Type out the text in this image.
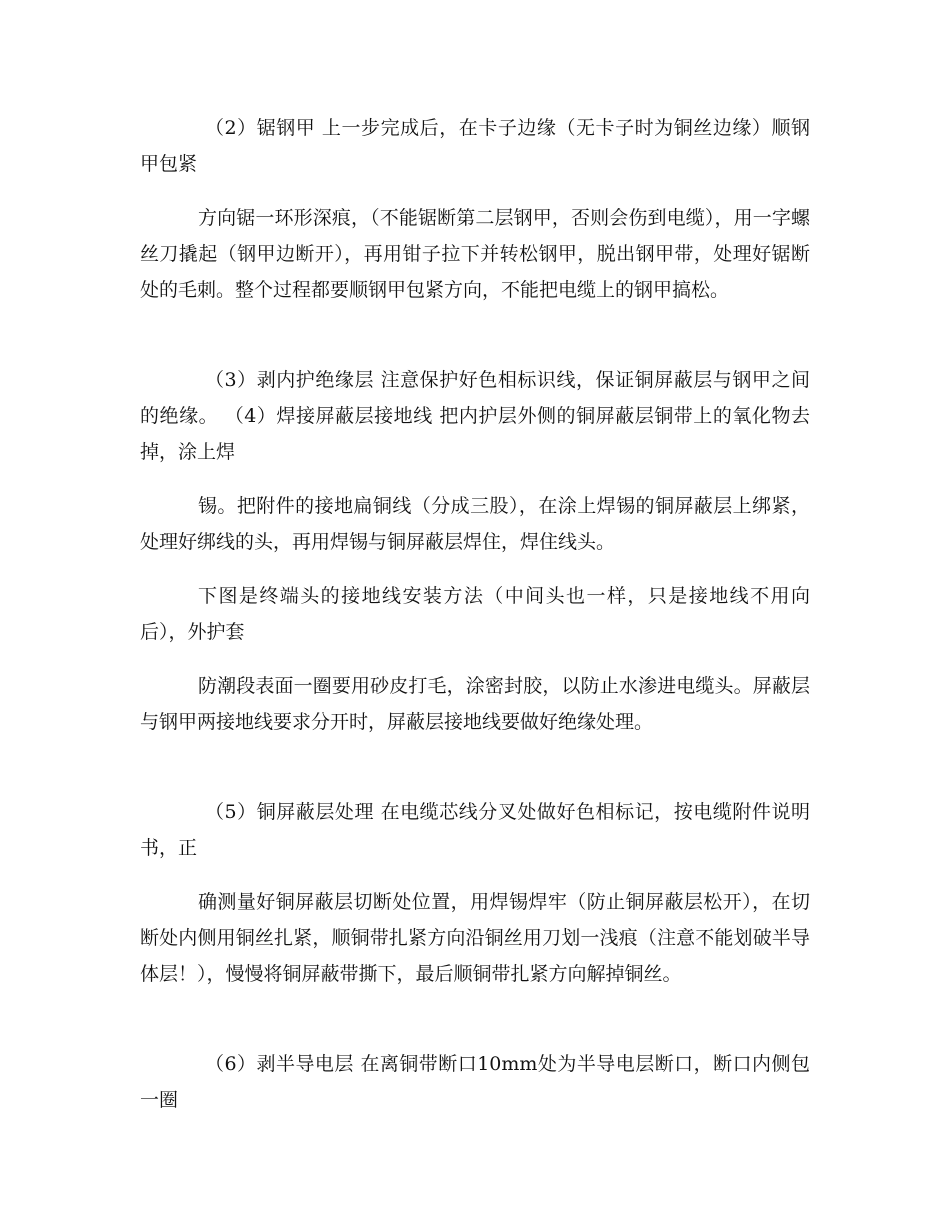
（2）锯钢甲 上一步完成后，在卡子边缘（无卡子时为铜丝边缘）顺钢甲包紧

方向锯一环形深痕，（不能锯断第二层钢甲，否则会伤到电缆），用一字螺丝刀撬起（钢甲边断开），再用钳子拉下并转松钢甲，脱出钢甲带，处理好锯断处的毛刺。整个过程都要顺钢甲包紧方向，不能把电缆上的钢甲搞松。

（3）剥内护绝缘层 注意保护好色相标识线，保证铜屏蔽层与钢甲之间的绝缘。 （4）焊接屏蔽层接地线 把内护层外侧的铜屏蔽层铜带上的氧化物去掉，涂上焊

锡。把附件的接地扁铜线（分成三股），在涂上焊锡的铜屏蔽层上绑紧，处理好绑线的头，再用焊锡与铜屏蔽层焊住，焊住线头。

下图是终端头的接地线安装方法（中间头也一样，只是接地线不用向后），外护套

防潮段表面一圈要用砂皮打毛，涂密封胶，以防止水渗进电缆头。屏蔽层与钢甲两接地线要求分开时，屏蔽层接地线要做好绝缘处理。

（5）铜屏蔽层处理 在电缆芯线分叉处做好色相标记，按电缆附件说明书，正

确测量好铜屏蔽层切断处位置，用焊锡焊牢（防止铜屏蔽层松开），在切断处内侧用铜丝扎紧，顺铜带扎紧方向沿铜丝用刀划一浅痕（注意不能划破半导体层！），慢慢将铜屏蔽带撕下，最后顺铜带扎紧方向解掉铜丝。

（6）剥半导电层 在离铜带断口10mm处为半导电层断口，断口内侧包一圈
